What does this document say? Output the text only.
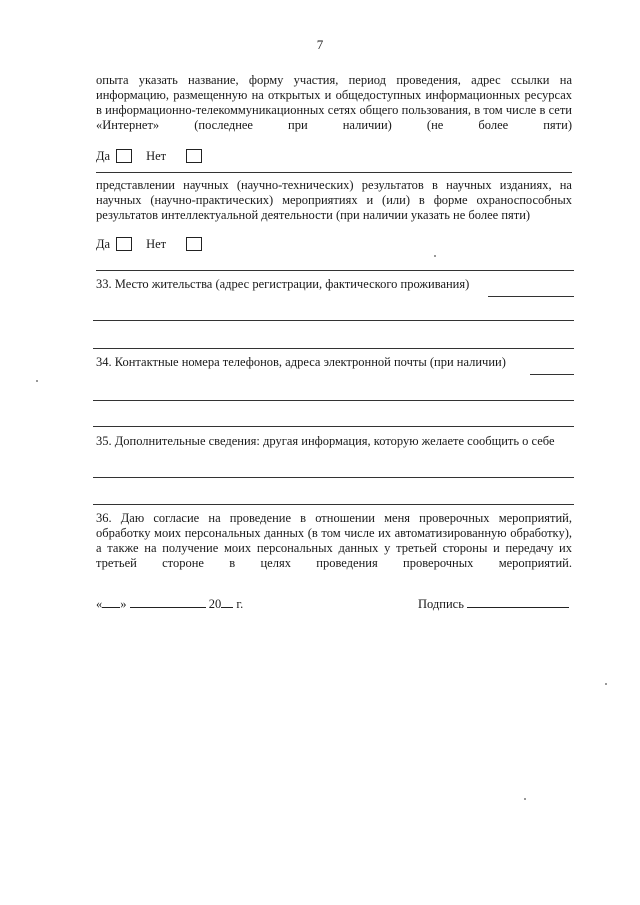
7
опыта указать название, форму участия, период проведения, адрес ссылки на информацию, размещенную на открытых и общедоступных информационных ресурсах в информационно-телекоммуникационных сетях общего пользования, в том числе в сети «Интернет» (последнее при наличии) (не более пяти)
Да	Нет
представлении научных (научно-технических) результатов в научных изданиях, на научных (научно-практических) мероприятиях и (или) в форме охраноспособных результатов интеллектуальной деятельности (при наличии указать не более пяти)
Да	Нет
33. Место жительства (адрес регистрации, фактического проживания)
34. Контактные номера телефонов, адреса электронной почты (при наличии)
35. Дополнительные сведения: другая информация, которую желаете сообщить о себе
36. Даю согласие на проведение в отношении меня проверочных мероприятий, обработку моих персональных данных (в том числе их автоматизированную обработку), а также на получение моих персональных данных у третьей стороны и передачу их третьей стороне в целях проведения проверочных мероприятий.
« »	20 г.	Подпись
